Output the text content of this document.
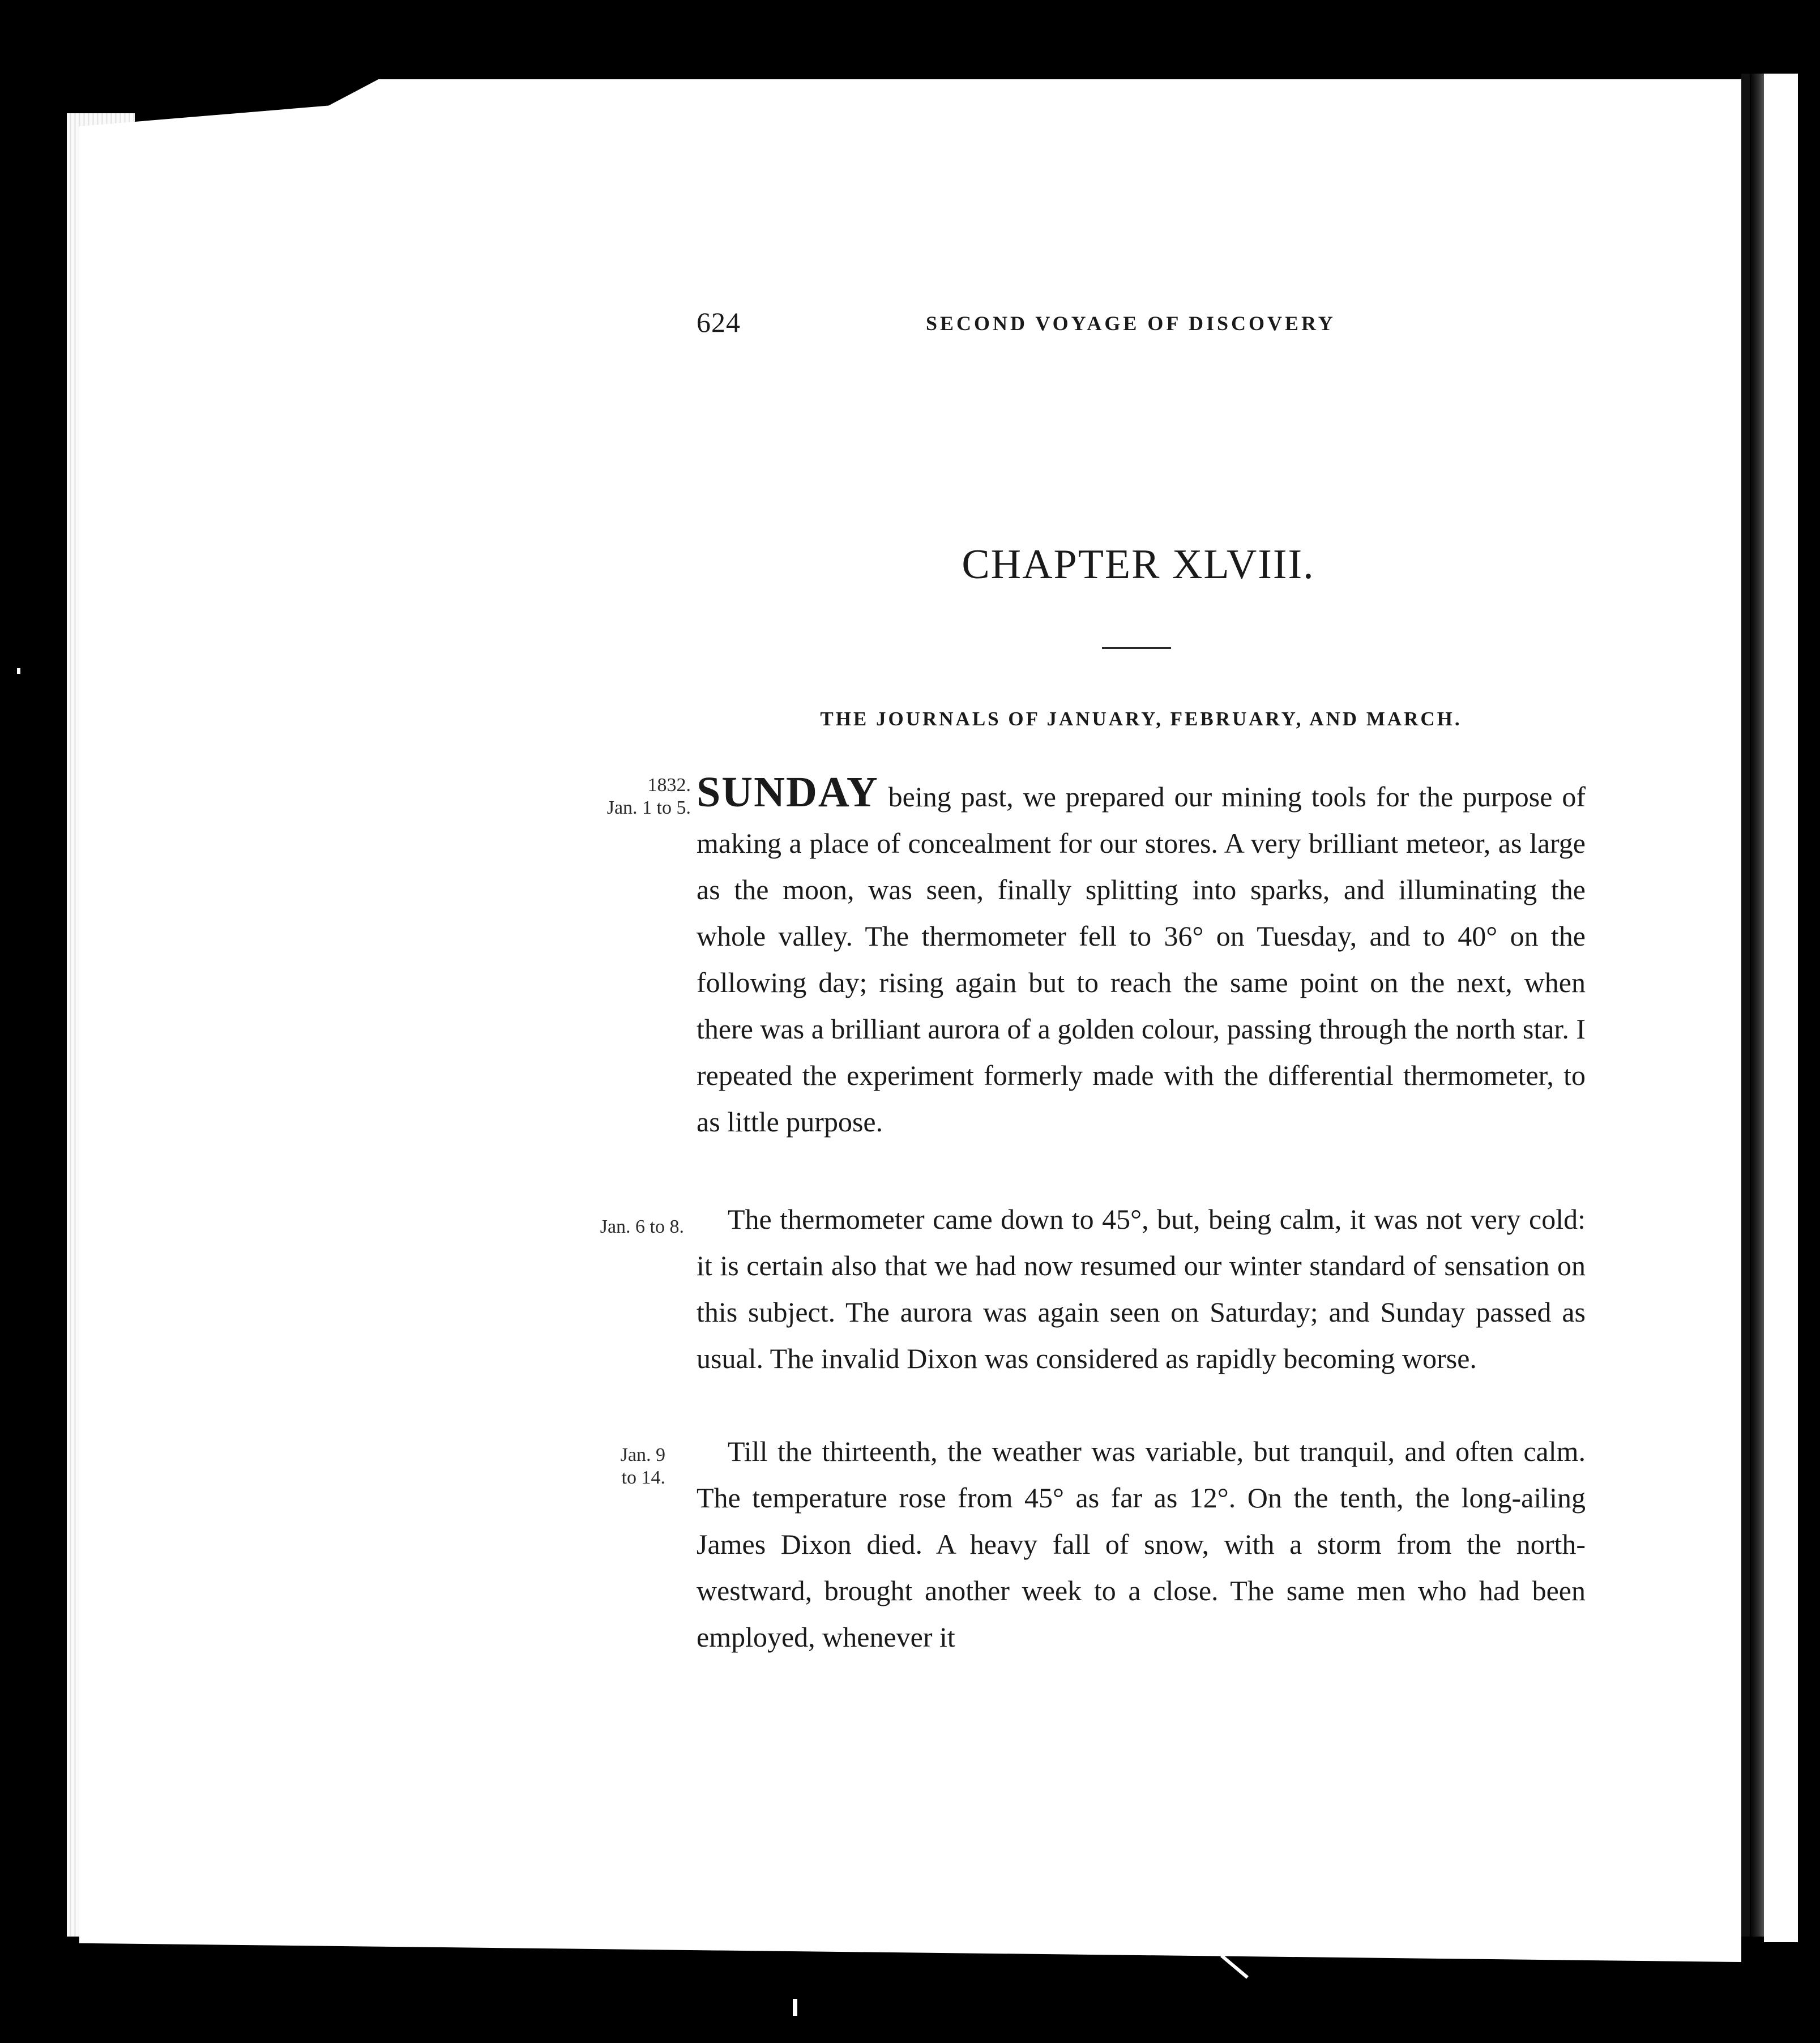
624	SECOND VOYAGE OF DISCOVERY
CHAPTER XLVIII.
THE JOURNALS OF JANUARY, FEBRUARY, AND MARCH.
1832.
Jan. 1 to 5.
Jan. 6 to 8.
Jan. 9
to 14.

SUNDAY being past, we prepared our mining tools for the purpose of making a place of concealment for our stores. A very brilliant meteor, as large as the moon, was seen, finally splitting into sparks, and illuminating the whole valley. The thermometer fell to 36° on Tuesday, and to 40° on the following day; rising again but to reach the same point on the next, when there was a brilliant aurora of a golden colour, passing through the north star. I repeated the experiment formerly made with the differential thermometer, to as little purpose.

The thermometer came down to 45°, but, being calm, it was not very cold: it is certain also that we had now resumed our winter standard of sensation on this subject. The aurora was again seen on Saturday; and Sunday passed as usual. The invalid Dixon was considered as rapidly becoming worse.

Till the thirteenth, the weather was variable, but tranquil, and often calm. The temperature rose from 45° as far as 12°. On the tenth, the long-ailing James Dixon died. A heavy fall of snow, with a storm from the north-westward, brought another week to a close. The same men who had been employed, whenever it
